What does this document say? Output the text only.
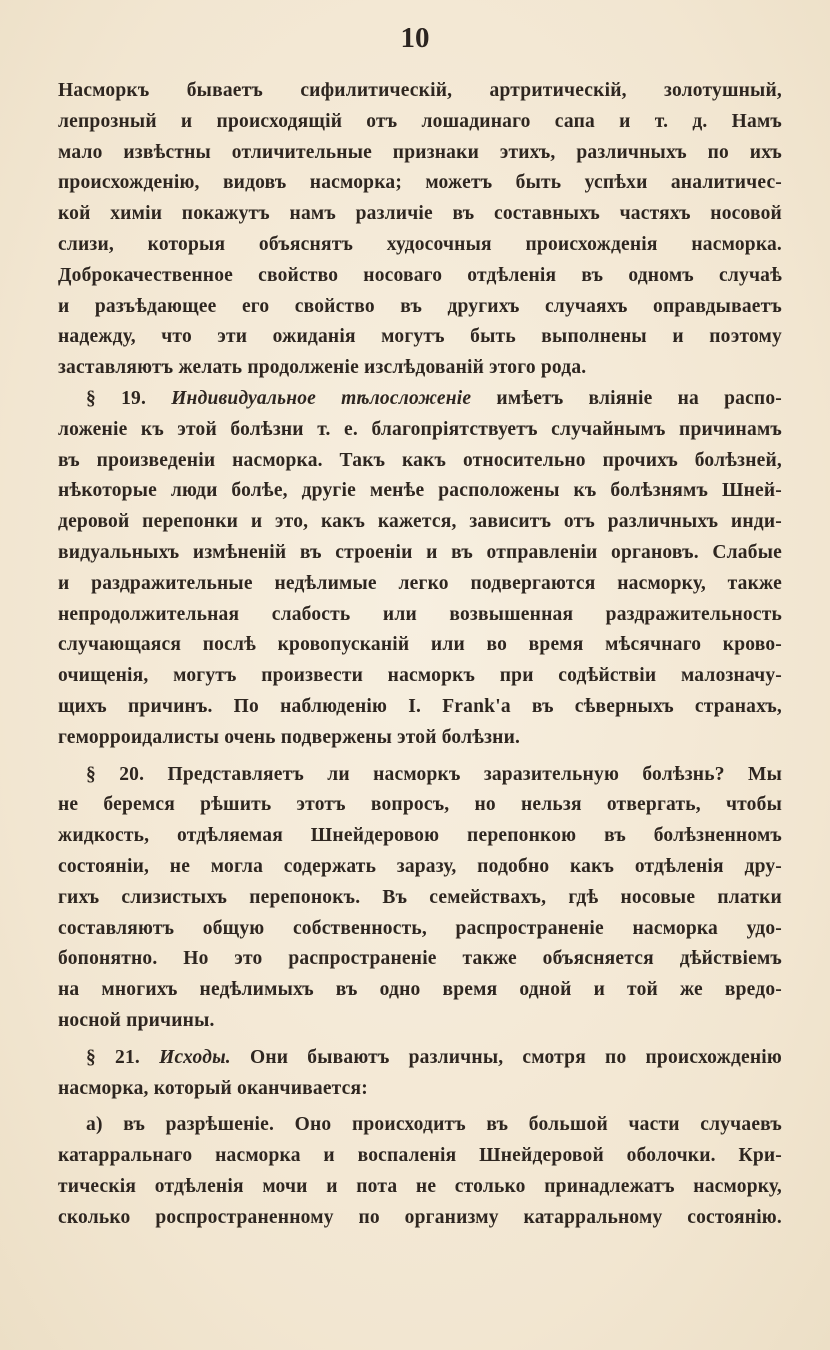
10
Насморкъ бываетъ сифилитическій, артритическій, золотушный,
лепрозный и происходящій отъ лошадинаго сапа и т. д. Намъ
мало извѣстны отличительные признаки этихъ, различныхъ по ихъ
происхожденію, видовъ насморка; можетъ быть успѣхи аналитичес-
кой химіи покажутъ намъ различіе въ составныхъ частяхъ носовой
слизи, которыя объяснятъ худосочныя происхожденія насморка.
Доброкачественное свойство носоваго отдѣленія въ одномъ случаѣ
и разъѣдающее его свойство въ другихъ случаяхъ оправдываетъ
надежду, что эти ожиданія могутъ быть выполнены и поэтому
заставляютъ желать продолженіе изслѣдованій этого рода.
§ 19. Индивидуальное тѣлосложеніе имѣетъ вліяніе на распо-
ложеніе къ этой болѣзни т. е. благопріятствуетъ случайнымъ причинамъ
въ произведеніи насморка. Такъ какъ относительно прочихъ болѣзней,
нѣкоторые люди болѣе, другіе менѣе расположены къ болѣзнямъ Шней-
деровой перепонки и это, какъ кажется, зависитъ отъ различныхъ инди-
видуальныхъ измѣненій въ строеніи и въ отправленіи органовъ. Слабые
и раздражительные недѣлимые легко подвергаются насморку, также
непродолжительная слабость или возвышенная раздражительность
случающаяся послѣ кровопусканій или во время мѣсячнаго крово-
очищенія, могутъ произвести насморкъ при содѣйствіи малозначу-
щихъ причинъ. По наблюденію I. Frank'a въ сѣверныхъ странахъ,
геморроидалисты очень подвержены этой болѣзни.
§ 20. Представляетъ ли насморкъ заразительную болѣзнь? Мы
не беремся рѣшить этотъ вопросъ, но нельзя отвергать, чтобы
жидкость, отдѣляемая Шнейдеровою перепонкою въ болѣзненномъ
состояніи, не могла содержать заразу, подобно какъ отдѣленія дру-
гихъ слизистыхъ перепонокъ. Въ семействахъ, гдѣ носовые платки
составляютъ общую собственность, распространеніе насморка удо-
бопонятно. Но это распространеніе также объясняется дѣйствіемъ
на многихъ недѣлимыхъ въ одно время одной и той же вредо-
носной причины.
§ 21. Исходы. Они бываютъ различны, смотря по происхожденію
насморка, который оканчивается:
a) въ разрѣшеніе. Оно происходитъ въ большой части случаевъ
катарральнаго насморка и воспаленія Шнейдеровой оболочки. Кри-
тическія отдѣленія мочи и пота не столько принадлежатъ насморку,
сколько роспространенному по организму катарральному состоянію.
